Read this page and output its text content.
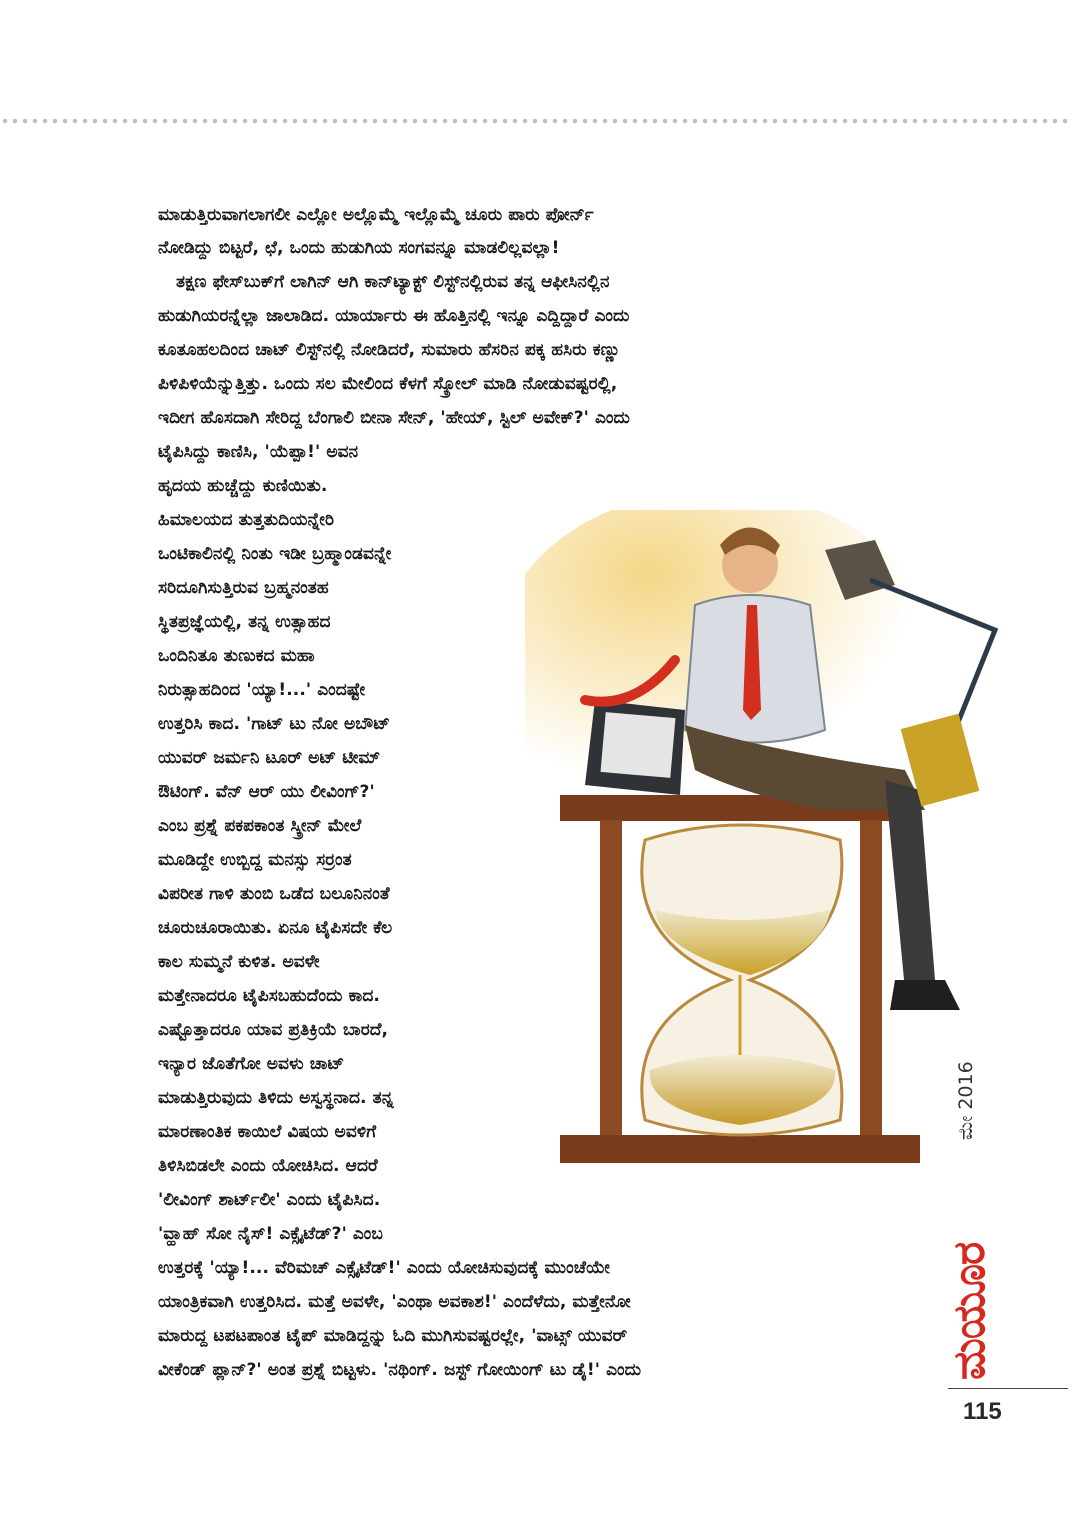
ಮಾಡುತ್ತಿರುವಾಗಲಾಗಲೀ ಎಲ್ಲೋ ಅಲ್ಲೊಮ್ಮೆ ಇಲ್ಲೊಮ್ಮೆ ಚೂರು ಪಾರು ಪೋರ್ನ್
ನೋಡಿದ್ದು ಬಿಟ್ಟರೆ, ಛೆ, ಒಂದು ಹುಡುಗಿಯ ಸಂಗವನ್ನೂ ಮಾಡಲಿಲ್ಲವಲ್ಲಾ!
ತಕ್ಷಣ ಫೇಸ್‌ಬುಕ್‌ಗೆ ಲಾಗಿನ್ ಆಗಿ ಕಾನ್‌ಟ್ಯಾಕ್ಟ್ ಲಿಸ್ಟ್‌ನಲ್ಲಿರುವ ತನ್ನ ಆಫೀಸಿನಲ್ಲಿನ
ಹುಡುಗಿಯರನ್ನೆಲ್ಲಾ ಜಾಲಾಡಿದ. ಯಾರ್ಯಾರು ಈ ಹೊತ್ತಿನಲ್ಲಿ ಇನ್ನೂ ಎದ್ದಿದ್ದಾರೆ ಎಂದು
ಕೂತೂಹಲದಿಂದ ಚಾಟ್ ಲಿಸ್ಟ್‌ನಲ್ಲಿ ನೋಡಿದರೆ, ಸುಮಾರು ಹೆಸರಿನ ಪಕ್ಕ ಹಸಿರು ಕಣ್ಣು
ಪಿಳಿಪಿಳಿಯೆನ್ನುತ್ತಿತ್ತು. ಒಂದು ಸಲ ಮೇಲಿಂದ ಕೆಳಗೆ ಸ್ಕ್ರೋಲ್ ಮಾಡಿ ನೋಡುವಷ್ಟರಲ್ಲಿ,
ಇದೀಗ ಹೊಸದಾಗಿ ಸೇರಿದ್ದ ಬೆಂಗಾಲಿ ಬೀನಾ ಸೇನ್, 'ಹೇಯ್, ಸ್ಟಿಲ್ ಅವೇಕ್?' ಎಂದು
ಟೈಪಿಸಿದ್ದು ಕಾಣಿಸಿ, 'ಯೆಪ್ಪಾ!' ಅವನ
ಹೃದಯ ಹುಚ್ಚೆದ್ದು ಕುಣಿಯಿತು.
ಹಿಮಾಲಯದ ತುತ್ತತುದಿಯನ್ನೇರಿ
ಒಂಟಿಕಾಲಿನಲ್ಲಿ ನಿಂತು ಇಡೀ ಬ್ರಹ್ಮಾಂಡವನ್ನೇ
ಸರಿದೂಗಿಸುತ್ತಿರುವ ಬ್ರಹ್ಮನಂತಹ
ಸ್ಥಿತಪ್ರಜ್ಞೆಯಲ್ಲಿ, ತನ್ನ ಉತ್ಸಾಹದ
ಒಂದಿನಿತೂ ತುಣುಕದ ಮಹಾ
ನಿರುತ್ಸಾಹದಿಂದ 'ಯ್ಯಾ!...' ಎಂದಷ್ಟೇ
ಉತ್ತರಿಸಿ ಕಾದ. 'ಗಾಟ್ ಟು ನೋ ಅಬೌಟ್
ಯುವರ್ ಜರ್ಮನಿ ಟೂರ್ ಅಟ್ ಟೀಮ್
ಔಟಿಂಗ್. ವೆನ್ ಆರ್ ಯು ಲೀವಿಂಗ್?'
ಎಂಬ ಪ್ರಶ್ನೆ ಪಕಪಕಾಂತ ಸ್ಕ್ರೀನ್ ಮೇಲೆ
ಮೂಡಿದ್ದೇ ಉಬ್ಬಿದ್ದ ಮನಸ್ಸು ಸರ್ರಂತ
ವಿಪರೀತ ಗಾಳಿ ತುಂಬಿ ಒಡೆದ ಬಲೂನಿನಂತೆ
ಚೂರುಚೂರಾಯಿತು. ಏನೂ ಟೈಪಿಸದೇ ಕೆಲ
ಕಾಲ ಸುಮ್ಮನೆ ಕುಳಿತ. ಅವಳೇ
ಮತ್ತೇನಾದರೂ ಟೈಪಿಸಬಹುದೆಂದು ಕಾದ.
ಎಷ್ಟೊತ್ತಾದರೂ ಯಾವ ಪ್ರತಿಕ್ರಿಯೆ ಬಾರದೆ,
ಇನ್ಯಾರ ಜೊತೆಗೋ ಅವಳು ಚಾಟ್
ಮಾಡುತ್ತಿರುವುದು ತಿಳಿದು ಅಸ್ವಸ್ಥನಾದ. ತನ್ನ
ಮಾರಣಾಂತಿಕ ಕಾಯಿಲೆ ವಿಷಯ ಅವಳಿಗೆ
ತಿಳಿಸಿಬಿಡಲೇ ಎಂದು ಯೋಚಿಸಿದ. ಆದರೆ
'ಲೀವಿಂಗ್ ಶಾರ್ಟ್‌ಲೀ' ಎಂದು ಟೈಪಿಸಿದ.
'ವ್ಹಾಹ್ ಸೋ ನೈಸ್! ಎಕ್ಸೈಟೆಡ್?' ಎಂಬ
ಉತ್ತರಕ್ಕೆ 'ಯ್ಯಾ!... ವೆರಿಮಚ್ ಎಕ್ಸೈಟೆಡ್!' ಎಂದು ಯೋಚಿಸುವುದಕ್ಕೆ ಮುಂಚೆಯೇ
ಯಾಂತ್ರಿಕವಾಗಿ ಉತ್ತರಿಸಿದ. ಮತ್ತೆ ಅವಳೇ, 'ಎಂಥಾ ಅವಕಾಶ!' ಎಂದೆಳೆದು, ಮತ್ತೇನೋ
ಮಾರುದ್ದ ಟಪಟಪಾಂತ ಟೈಪ್ ಮಾಡಿದ್ದನ್ನು ಓದಿ ಮುಗಿಸುವಷ್ಟರಲ್ಲೇ, 'ವಾಟ್ಸ್ ಯುವರ್
ವೀಕೆಂಡ್ ಪ್ಲಾನ್?' ಅಂತ ಪ್ರಶ್ನೆ ಬಿಟ್ಟಳು. 'ನಥಿಂಗ್. ಜಸ್ಟ್ ಗೋಯಿಂಗ್ ಟು ಡೈ!' ಎಂದು
ಮೇ 2016
ಮಯೂರ
115
